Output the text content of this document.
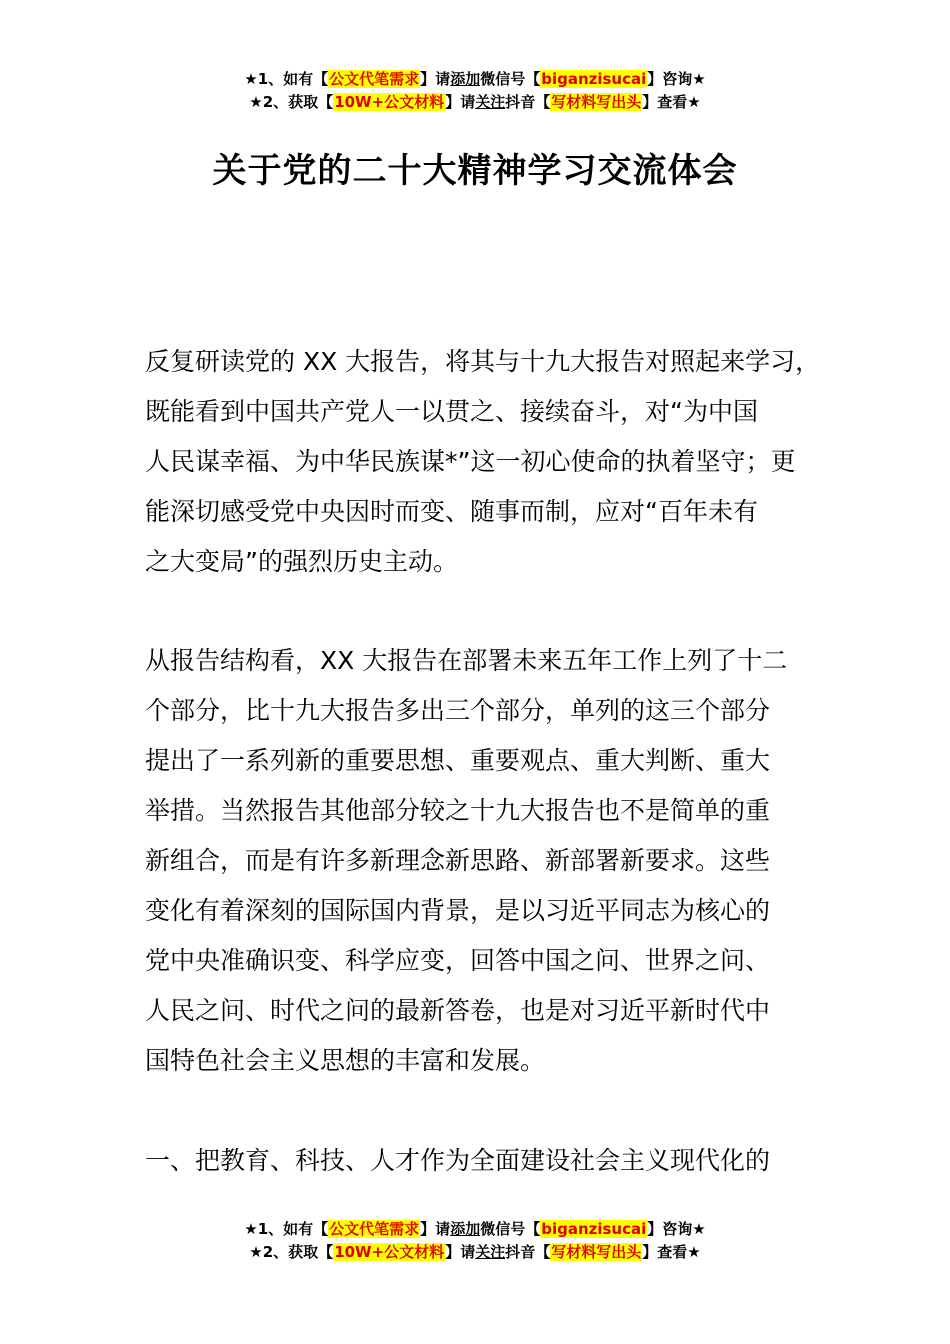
★1、如有【公文代笔需求】请添加微信号【biganzisucai】咨询★
★2、获取【10W+公文材料】请关注抖音【写材料写出头】查看★
关于党的二十大精神学习交流体会
反复研读党的 XX 大报告，将其与十九大报告对照起来学习，
既能看到中国共产党人一以贯之、接续奋斗，对“为中国
人民谋幸福、为中华民族谋*”这一初心使命的执着坚守；更
能深切感受党中央因时而变、随事而制，应对“百年未有
之大变局”的强烈历史主动。
从报告结构看，XX 大报告在部署未来五年工作上列了十二
个部分，比十九大报告多出三个部分，单列的这三个部分
提出了一系列新的重要思想、重要观点、重大判断、重大
举措。当然报告其他部分较之十九大报告也不是简单的重
新组合，而是有许多新理念新思路、新部署新要求。这些
变化有着深刻的国际国内背景，是以习近平同志为核心的
党中央准确识变、科学应变，回答中国之问、世界之问、
人民之问、时代之问的最新答卷，也是对习近平新时代中
国特色社会主义思想的丰富和发展。
一、把教育、科技、人才作为全面建设社会主义现代化的
★1、如有【公文代笔需求】请添加微信号【biganzisucai】咨询★
★2、获取【10W+公文材料】请关注抖音【写材料写出头】查看★
